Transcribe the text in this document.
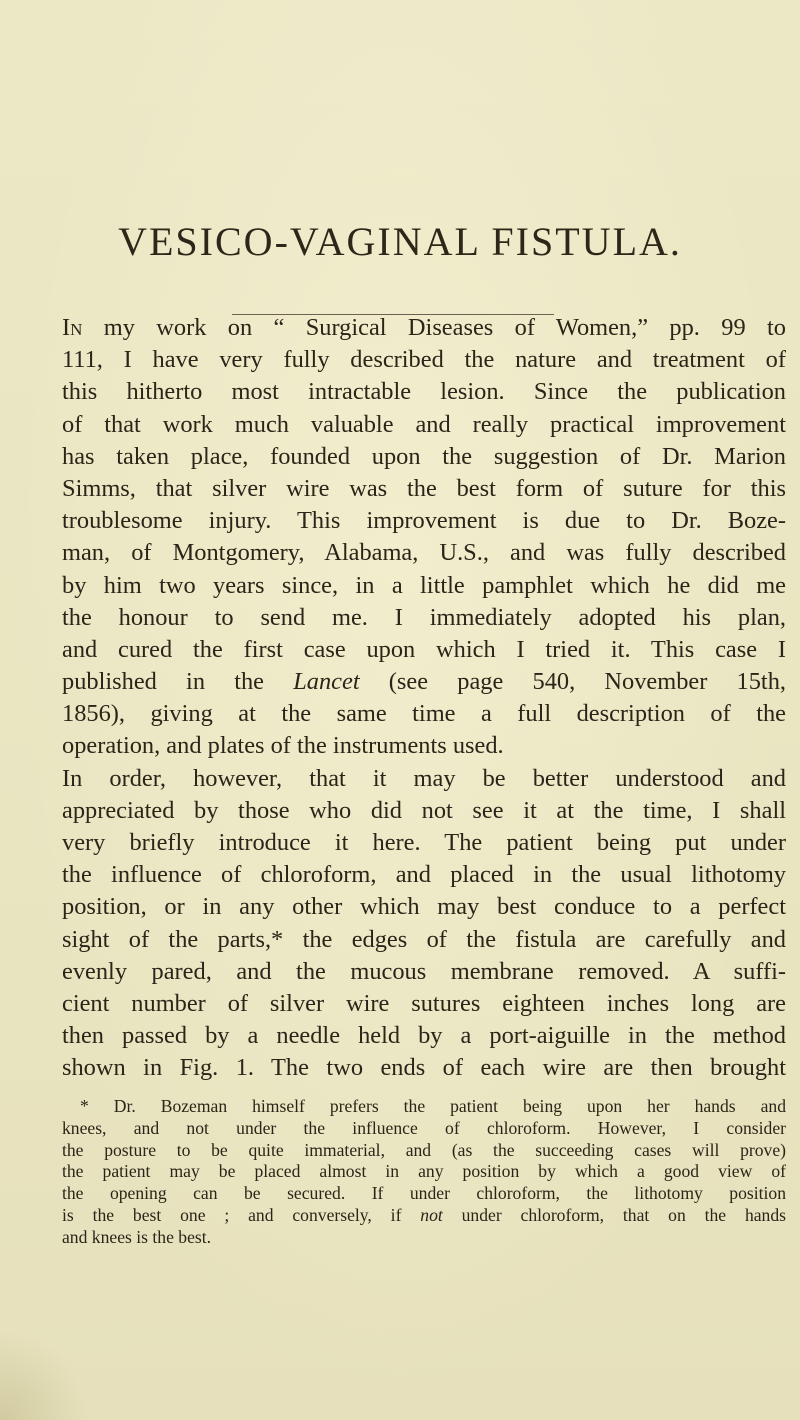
VESICO-VAGINAL FISTULA.
In my work on “ Surgical Diseases of Women,” pp. 99 to
111, I have very fully described the nature and treatment of
this hitherto most intractable lesion. Since the publication
of that work much valuable and really practical improvement
has taken place, founded upon the suggestion of Dr. Marion
Simms, that silver wire was the best form of suture for this
troublesome injury. This improvement is due to Dr. Boze-
man, of Montgomery, Alabama, U.S., and was fully described
by him two years since, in a little pamphlet which he did me
the honour to send me. I immediately adopted his plan,
and cured the first case upon which I tried it. This case I
published in the Lancet (see page 540, November 15th,
1856), giving at the same time a full description of the
operation, and plates of the instruments used.
In order, however, that it may be better understood and
appreciated by those who did not see it at the time, I shall
very briefly introduce it here. The patient being put under
the influence of chloroform, and placed in the usual lithotomy
position, or in any other which may best conduce to a perfect
sight of the parts,* the edges of the fistula are carefully and
evenly pared, and the mucous membrane removed. A suffi-
cient number of silver wire sutures eighteen inches long are
then passed by a needle held by a port-aiguille in the method
shown in Fig. 1. The two ends of each wire are then brought
* Dr. Bozeman himself prefers the patient being upon her hands and
knees, and not under the influence of chloroform. However, I consider
the posture to be quite immaterial, and (as the succeeding cases will prove)
the patient may be placed almost in any position by which a good view of
the opening can be secured. If under chloroform, the lithotomy position
is the best one ; and conversely, if not under chloroform, that on the hands
and knees is the best.
